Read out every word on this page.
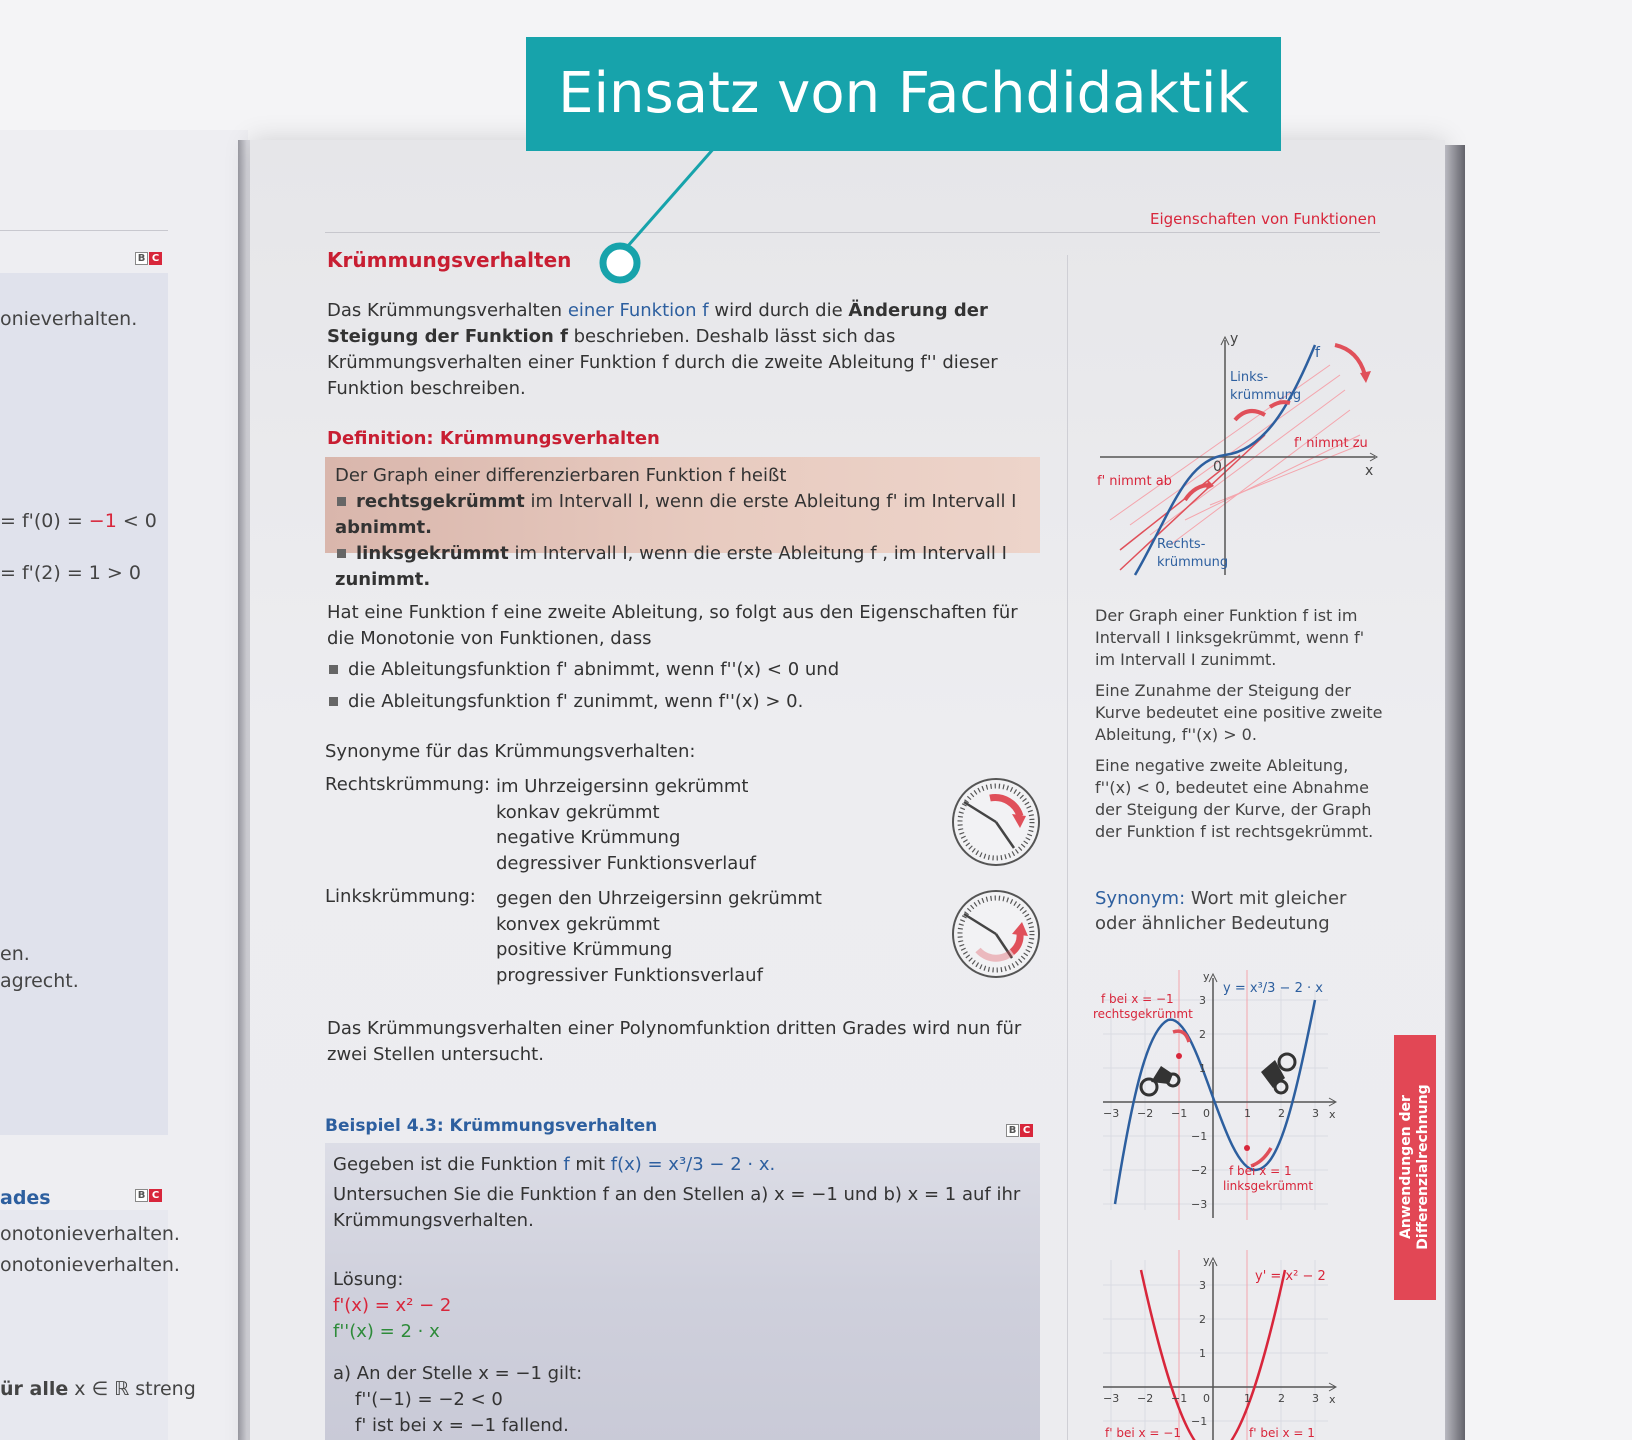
B C
onieverhalten.
= f'(0) = −1 < 0
= f'(2) = 1 > 0
en.
agrecht.
ades	B C
onotonieverhalten.
onotonieverhalten.
ür alle x ∈ ℝ streng
Eigenschaften von Funktionen
Krümmungsverhalten
Das Krümmungsverhalten einer Funktion f wird durch die Änderung der Steigung der Funktion f beschrieben. Deshalb lässt sich das Krümmungsverhalten einer Funktion f durch die zweite Ableitung f'' dieser Funktion beschreiben.
Definition: Krümmungsverhalten
Der Graph einer differenzierbaren Funktion f heißt
rechtsgekrümmt im Intervall I, wenn die erste Ableitung f' im Intervall I abnimmt.
linksgekrümmt im Intervall I, wenn die erste Ableitung f , im Intervall I zunimmt.
Hat eine Funktion f eine zweite Ableitung, so folgt aus den Eigenschaften für die Monotonie von Funktionen, dass
die Ableitungsfunktion f' abnimmt, wenn f''(x) < 0 und
die Ableitungsfunktion f' zunimmt, wenn f''(x) > 0.
Synonyme für das Krümmungsverhalten:
Rechtskrümmung: im Uhrzeigersinn gekrümmt
konkav gekrümmt
negative Krümmung
degressiver Funktionsverlauf
Linkskrümmung: gegen den Uhrzeigersinn gekrümmt
konvex gekrümmt
positive Krümmung
progressiver Funktionsverlauf
Das Krümmungsverhalten einer Polynomfunktion dritten Grades wird nun für zwei Stellen untersucht.
Beispiel 4.3: Krümmungsverhalten	B C
Gegeben ist die Funktion f mit f(x) = x³/3 − 2 · x.
Untersuchen Sie die Funktion f an den Stellen a) x = −1 und b) x = 1 auf ihr Krümmungsverhalten.
Lösung:
f'(x) = x² − 2
f''(x) = 2 · x
a) An der Stelle x = −1 gilt:
f''(−1) = −2 < 0
f' ist bei x = −1 fallend.
y
x
0
f
Links-
krümmung
f' nimmt zu
f' nimmt ab
Rechts-
krümmung
Der Graph einer Funktion f ist im Intervall I linksgekrümmt, wenn f' im Intervall I zunimmt.
Eine Zunahme der Steigung der Kurve bedeutet eine positive zweite Ableitung, f''(x) > 0.
Eine negative zweite Ableitung, f''(x) < 0, bedeutet eine Abnahme der Steigung der Kurve, der Graph der Funktion f ist rechtsgekrümmt.
Synonym: Wort mit gleicher oder ähnlicher Bedeutung
y = x³/3 − 2 · x
f bei x = −1
rechtsgekrümmt
f bei x = 1
linksgekrümmt
−3 −2 −1 0	1 2 3
3
2
1
−1
−2
−3
x
y
y' = x² − 2
−3 −2 −1 0	1 2 3
3
2
1
−1
x
y
f' bei x = −1	f' bei x = 1
Anwendungen der Differenzialrechnung
Einsatz von Fachdidaktik
